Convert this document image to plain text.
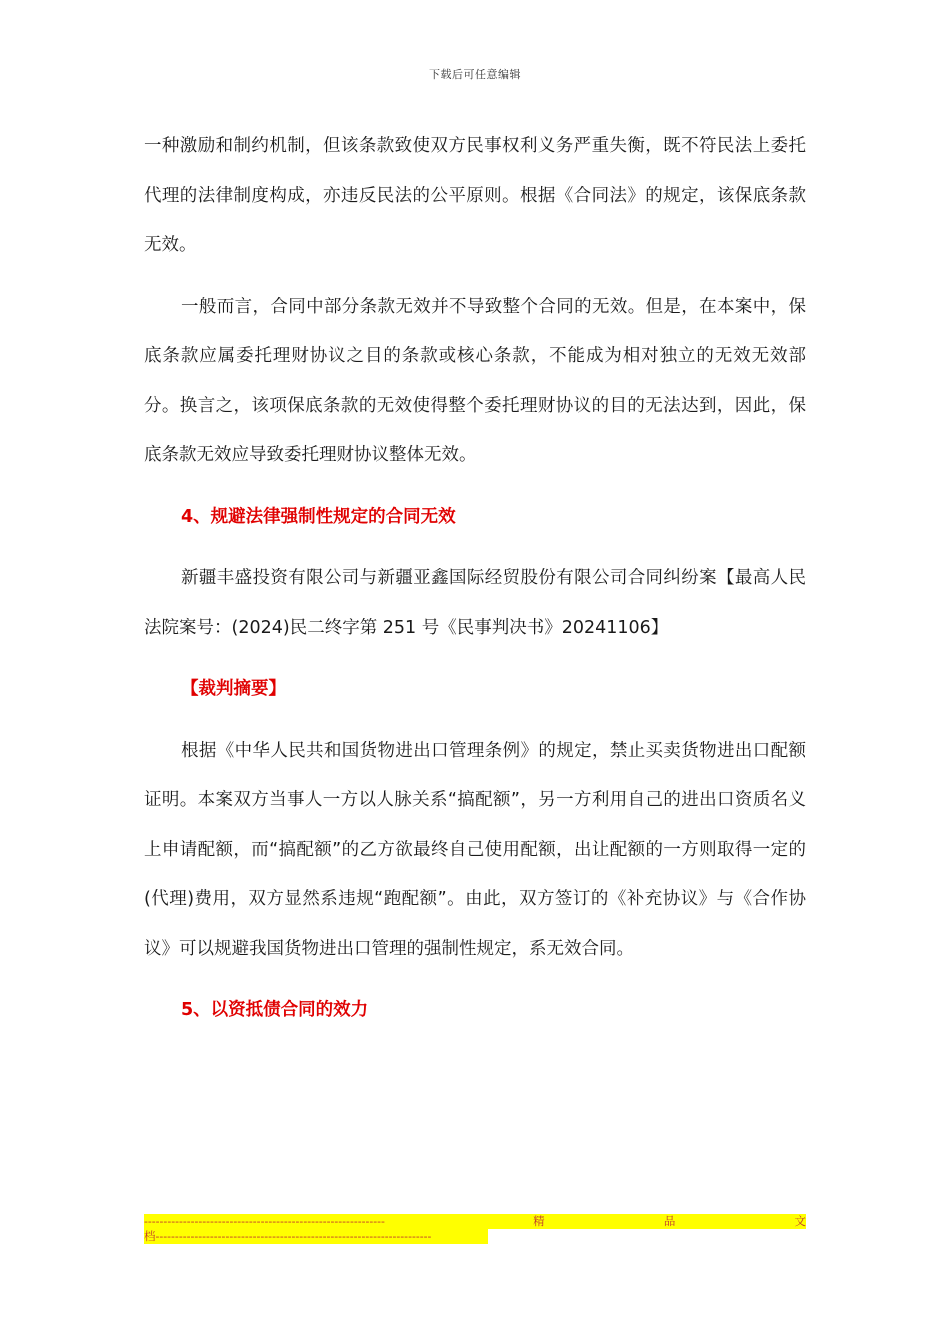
下载后可任意编辑

一种激励和制约机制，但该条款致使双方民事权利义务严重失衡，既不符民法上委托代理的法律制度构成，亦违反民法的公平原则。根据《合同法》的规定，该保底条款无效。

一般而言，合同中部分条款无效并不导致整个合同的无效。但是，在本案中，保底条款应属委托理财协议之目的条款或核心条款，不能成为相对独立的无效无效部分。换言之，该项保底条款的无效使得整个委托理财协议的目的无法达到，因此，保底条款无效应导致委托理财协议整体无效。

4、规避法律强制性规定的合同无效

新疆丰盛投资有限公司与新疆亚鑫国际经贸股份有限公司合同纠纷案【最高人民法院案号：(2024)民二终字第 251 号《民事判决书》20241106】

【裁判摘要】

根据《中华人民共和国货物进出口管理条例》的规定，禁止买卖货物进出口配额证明。本案双方当事人一方以人脉关系“搞配额”，另一方利用自己的进出口资质名义上申请配额，而“搞配额”的乙方欲最终自己使用配额，出让配额的一方则取得一定的(代理)费用，双方显然系违规“跑配额”。由此，双方签订的《补充协议》与《合作协议》可以规避我国货物进出口管理的强制性规定，系无效合同。

5、以资抵债合同的效力
--------------------------------------------------------------	精	品	文
档-----------------------------------------------------------------------
